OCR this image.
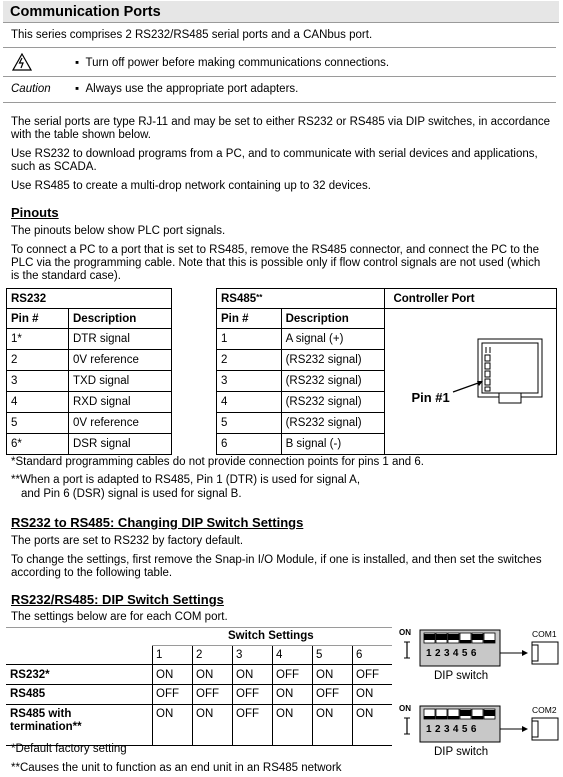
Communication Ports
This series comprises 2 RS232/RS485 serial ports and a CANbus port.
▪  Turn off power before making communications connections.
Caution ▪  Always use the appropriate port adapters.
The serial ports are type RJ-11 and may be set to either RS232 or RS485 via DIP switches, in accordance with the table shown below.
Use RS232 to download programs from a PC, and to communicate with serial devices and applications, such as SCADA.
Use RS485 to create a multi-drop network containing up to 32 devices.
Pinouts
The pinouts below show PLC port signals.
To connect a PC to a port that is set to RS485, remove the RS485 connector, and connect the PC to the PLC via the programming cable. Note that this is possible only if flow control signals are not used (which is the standard case).
RS232	
Pin #	Description
1*	DTR signal
2	0V reference
3	TXD signal
4	RXD signal
5	0V reference
6*	DSR signal
RS485**		Controller Port
Pin #	Description	Pin #1

1	A signal (+)	
2	(RS232 signal)	
3	(RS232 signal)	
4	(RS232 signal)	
5	(RS232 signal)	
6	B signal (-)	
*Standard programming cables do not provide connection points for pins 1 and 6.
**When a port is adapted to RS485, Pin 1 (DTR) is used for signal A,
and Pin 6 (DSR) signal is used for signal B.
RS232 to RS485: Changing DIP Switch Settings
The ports are set to RS232 by factory default.
To change the settings, first remove the Snap-in I/O Module, if one is installed, and then set the switches according to the following table.
RS232/RS485: DIP Switch Settings
The settings below are for each COM port.
Switch Settings
1	2	3	4	5	6
RS232*	ON ON ON OFF ON OFF
RS485	OFF OFF OFF ON OFF ON
RS485 with
termination**
ON ON OFF ON ON ON
*Default factory setting
**Causes the unit to function as an end unit in an RS485 network
ON
123456
COM1
DIP switch
ON
123456
COM2
DIP switch
